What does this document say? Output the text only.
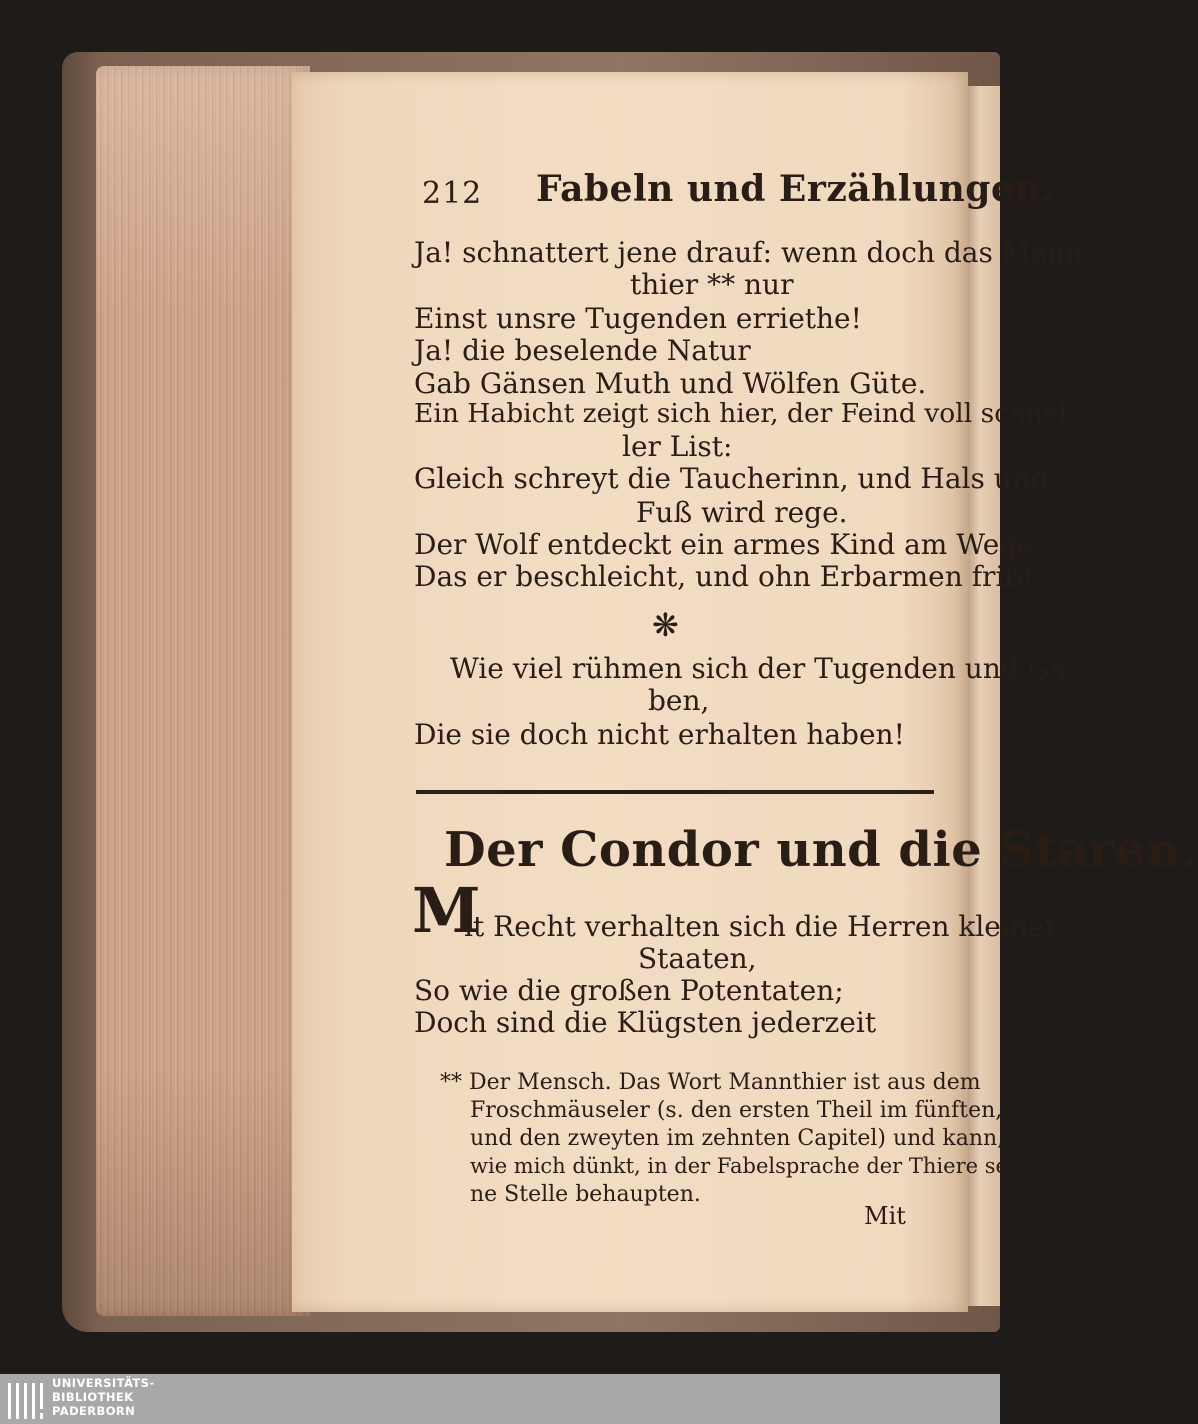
212 Fabeln und Erzählungen.
Ja! schnattert jene drauf: wenn doch das Mann-
thier ** nur
Einst unsre Tugenden erriethe!
Ja! die beselende Natur
Gab Gänsen Muth und Wölfen Güte.
Ein Habicht zeigt sich hier, der Feind voll schnel-
ler List:
Gleich schreyt die Taucherinn, und Hals und
Fuß wird rege.
Der Wolf entdeckt ein armes Kind am Wege,
Das er beschleicht, und ohn Erbarmen frißt.
❋
Wie viel rühmen sich der Tugenden und Ga-
ben,
Die sie doch nicht erhalten haben!
Der Condor und die Staren.
M
it Recht verhalten sich die Herren kleiner
Staaten,
So wie die großen Potentaten;
Doch sind die Klügsten jederzeit
** Der Mensch. Das Wort Mannthier ist aus dem
Froschmäuseler (s. den ersten Theil im fünften,
und den zweyten im zehnten Capitel) und kann,
wie mich dünkt, in der Fabelsprache der Thiere sei-
ne Stelle behaupten.
Mit
UNIVERSITÄTS-
BIBLIOTHEK
PADERBORN
